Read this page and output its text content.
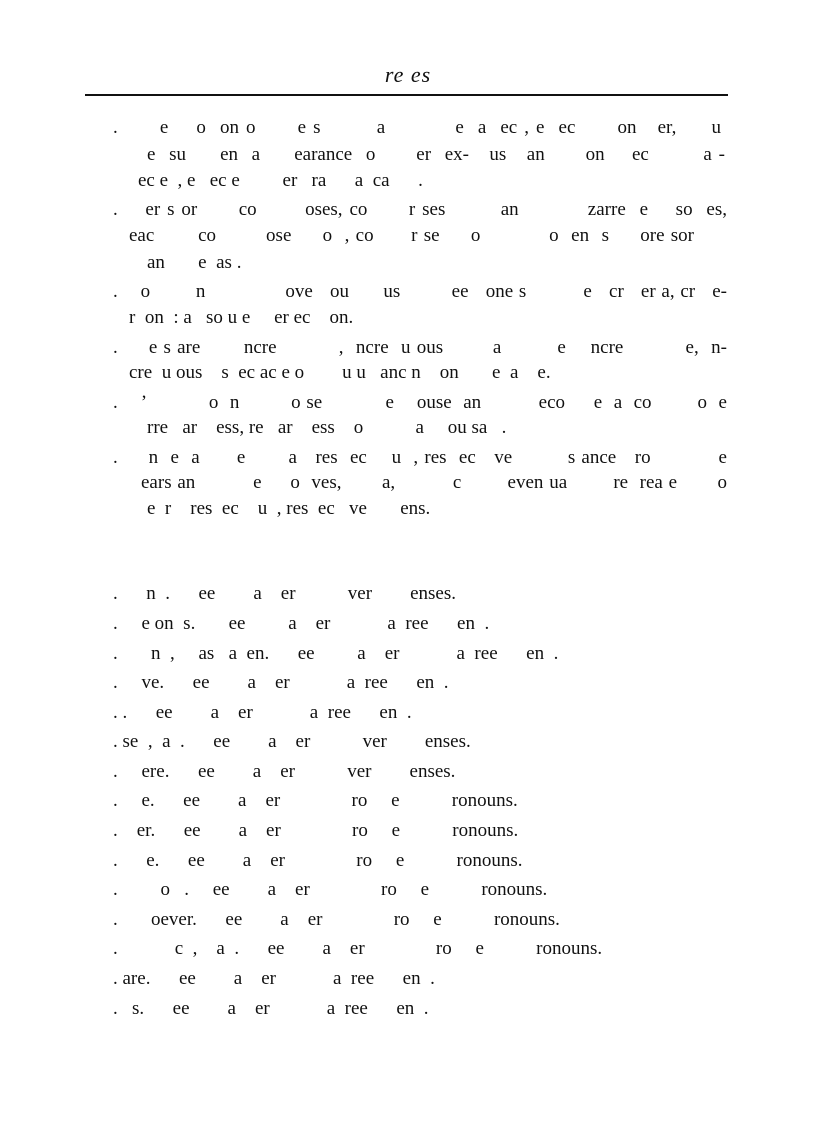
re es
.      e    o  on o      e s        a          e  a  ec , e  ec      on   er,     u
e  su     en  a     earance  o      er  ex-   us   an      on    ec        a -
ec e  , e   ec e         er   ra      a  ca      .
.    er s or      co       oses, co      r ses        an          zarre  e    so  es,
eac       co        ose     o  , co      r se     o           o  en  s     ore sor
an       e  as .
.    o        n              ove   ou      us         ee   one s          e   cr   er a, cr   e-
r  on  : a   so u e     er ec    on.
.     e s are       ncre          ,  ncre  u ous        a         e    ncre          e,  n-
cre  u ous    s  ec ac e o        u u   anc n    on       e  a    e.
.    ’           o  n         o se           e    ouse  an          eco     e  a  co        o  e
rre   ar    ess, re   ar    ess    o           a     ou sa   .
.     n  e  a      e       a   res  ec    u  , res  ec   ve         s ance   ro           e
ears an          e     o  ves,       a,          c        even ua        re  rea e       o
e  r    res  ec    u  , res  ec   ve       ens.
.      n  .      ee        a    er           ver        enses.
.     e on  s.       ee         a    er            a  ree      en  .
.       n  ,     as   a  en.      ee         a    er            a  ree      en  .
.     ve.      ee        a    er            a  ree      en  .
. .      ee        a    er            a  ree      en  .
. se  ,  a  .      ee        a    er           ver        enses.
.     ere.      ee        a    er           ver        enses.
.     e.      ee        a    er               ro     e           ronouns.
.    er.      ee        a    er               ro     e           ronouns.
.      e.      ee        a    er               ro     e           ronouns.
.         o   .     ee        a    er               ro     e           ronouns.
.       oever.      ee        a    er               ro     e           ronouns.
.            c  ,    a  .      ee        a    er               ro     e           ronouns.
. are.      ee        a    er            a  ree      en  .
.   s.      ee        a    er            a  ree      en  .
